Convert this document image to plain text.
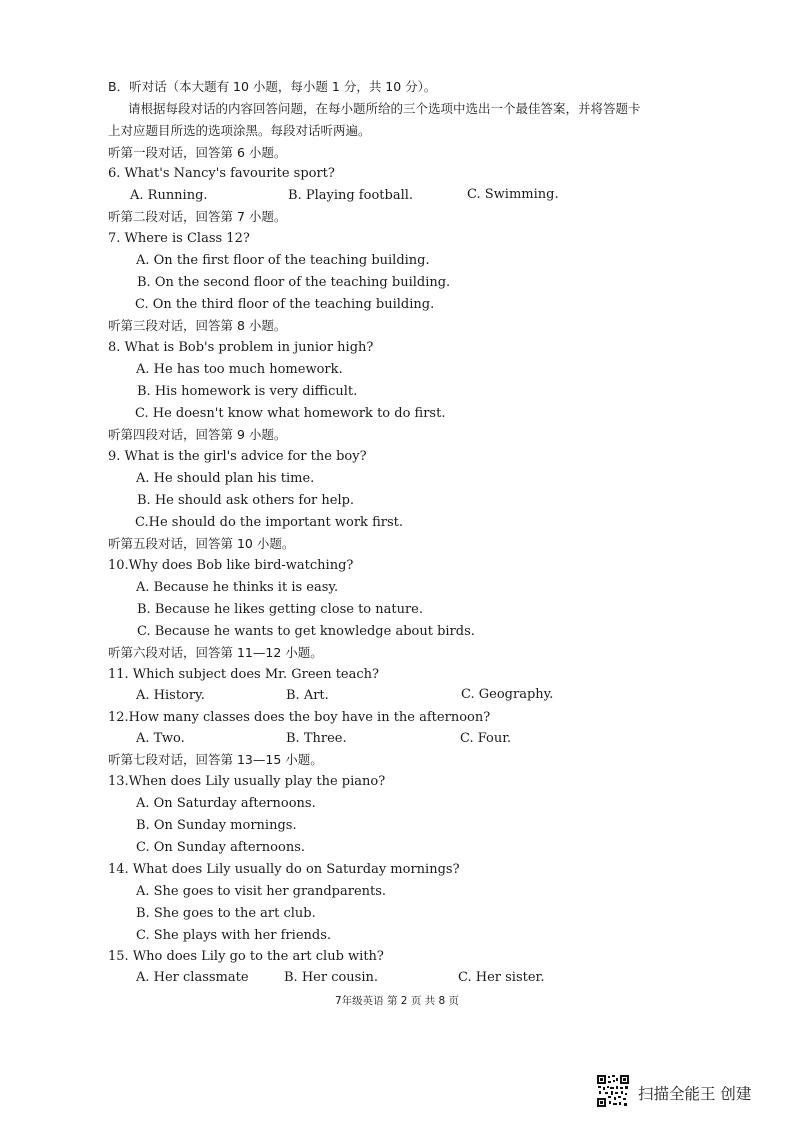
B．听对话（本大题有 10 小题，每小题 1 分，共 10 分）。
请根据每段对话的内容回答问题，在每小题所给的三个选项中选出一个最佳答案，并将答题卡
上对应题目所选的选项涂黑。每段对话听两遍。
听第一段对话，回答第 6 小题。
6. What's Nancy's favourite sport?
A. Running.	B. Playing football.	C. Swimming.
听第二段对话，回答第 7 小题。
7. Where is Class 12?
A. On the first floor of the teaching building.
B. On the second floor of the teaching building.
C. On the third floor of the teaching building.
听第三段对话，回答第 8 小题。
8. What is Bob's problem in junior high?
A. He has too much homework.
B. His homework is very difficult.
C. He doesn't know what homework to do first.
听第四段对话，回答第 9 小题。
9. What is the girl's advice for the boy?
A. He should plan his time.
B. He should ask others for help.
C.He should do the important work first.
听第五段对话，回答第 10 小题。
10.Why does Bob like bird-watching?
A. Because he thinks it is easy.
B. Because he likes getting close to nature.
C. Because he wants to get knowledge about birds.
听第六段对话，回答第 11—12 小题。
11. Which subject does Mr. Green teach?
A. History.	B. Art.	C. Geography.
12.How many classes does the boy have in the afternoon?
A. Two.	B. Three.	C. Four.
听第七段对话，回答第 13—15 小题。
13.When does Lily usually play the piano?
A. On Saturday afternoons.
B. On Sunday mornings.
C. On Sunday afternoons.
14. What does Lily usually do on Saturday mornings?
A. She goes to visit her grandparents.
B. She goes to the art club.
C. She plays with her friends.
15. Who does Lily go to the art club with?
A. Her classmate	B. Her cousin.	C. Her sister.
7年级英语 第 2 页 共 8 页
扫描全能王 创建
